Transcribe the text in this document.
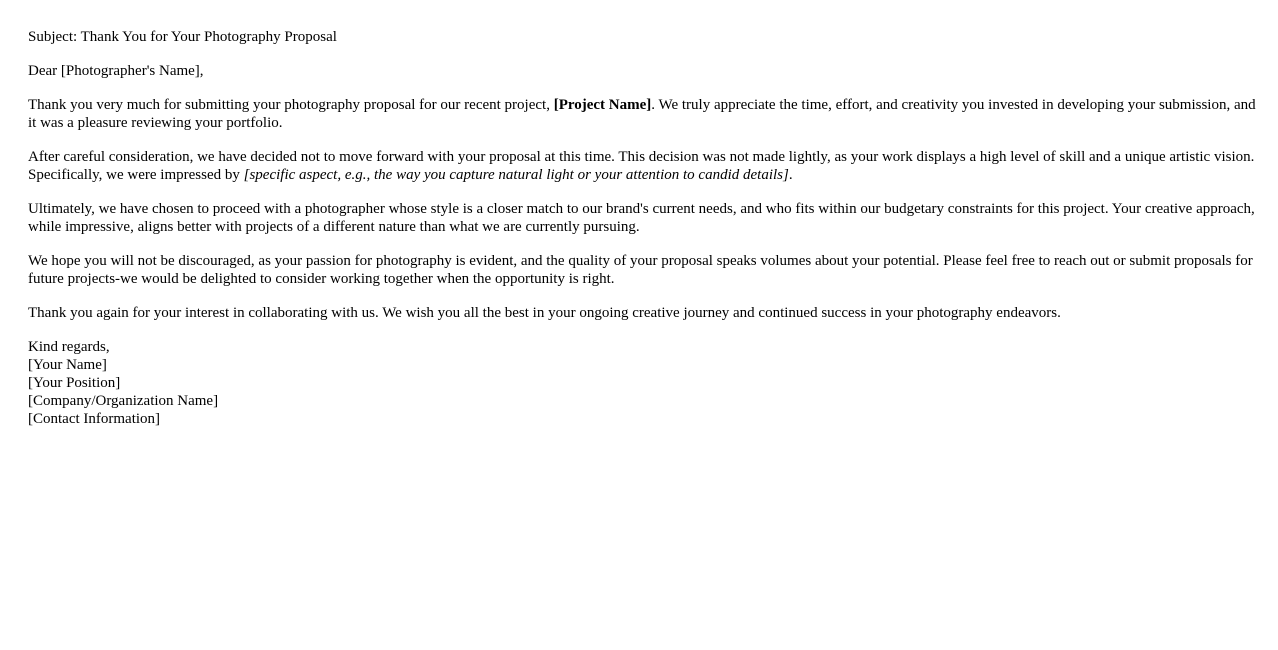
Subject: Thank You for Your Photography Proposal

Dear [Photographer's Name],

Thank you very much for submitting your photography proposal for our recent project, [Project Name]. We truly appreciate the time, effort, and creativity you invested in developing your submission, and it was a pleasure reviewing your portfolio.

After careful consideration, we have decided not to move forward with your proposal at this time. This decision was not made lightly, as your work displays a high level of skill and a unique artistic vision. Specifically, we were impressed by [specific aspect, e.g., the way you capture natural light or your attention to candid details].

Ultimately, we have chosen to proceed with a photographer whose style is a closer match to our brand's current needs, and who fits within our budgetary constraints for this project. Your creative approach, while impressive, aligns better with projects of a different nature than what we are currently pursuing.

We hope you will not be discouraged, as your passion for photography is evident, and the quality of your proposal speaks volumes about your potential. Please feel free to reach out or submit proposals for future projects-we would be delighted to consider working together when the opportunity is right.

Thank you again for your interest in collaborating with us. We wish you all the best in your ongoing creative journey and continued success in your photography endeavors.

Kind regards,
[Your Name]
[Your Position]
[Company/Organization Name]
[Contact Information]
